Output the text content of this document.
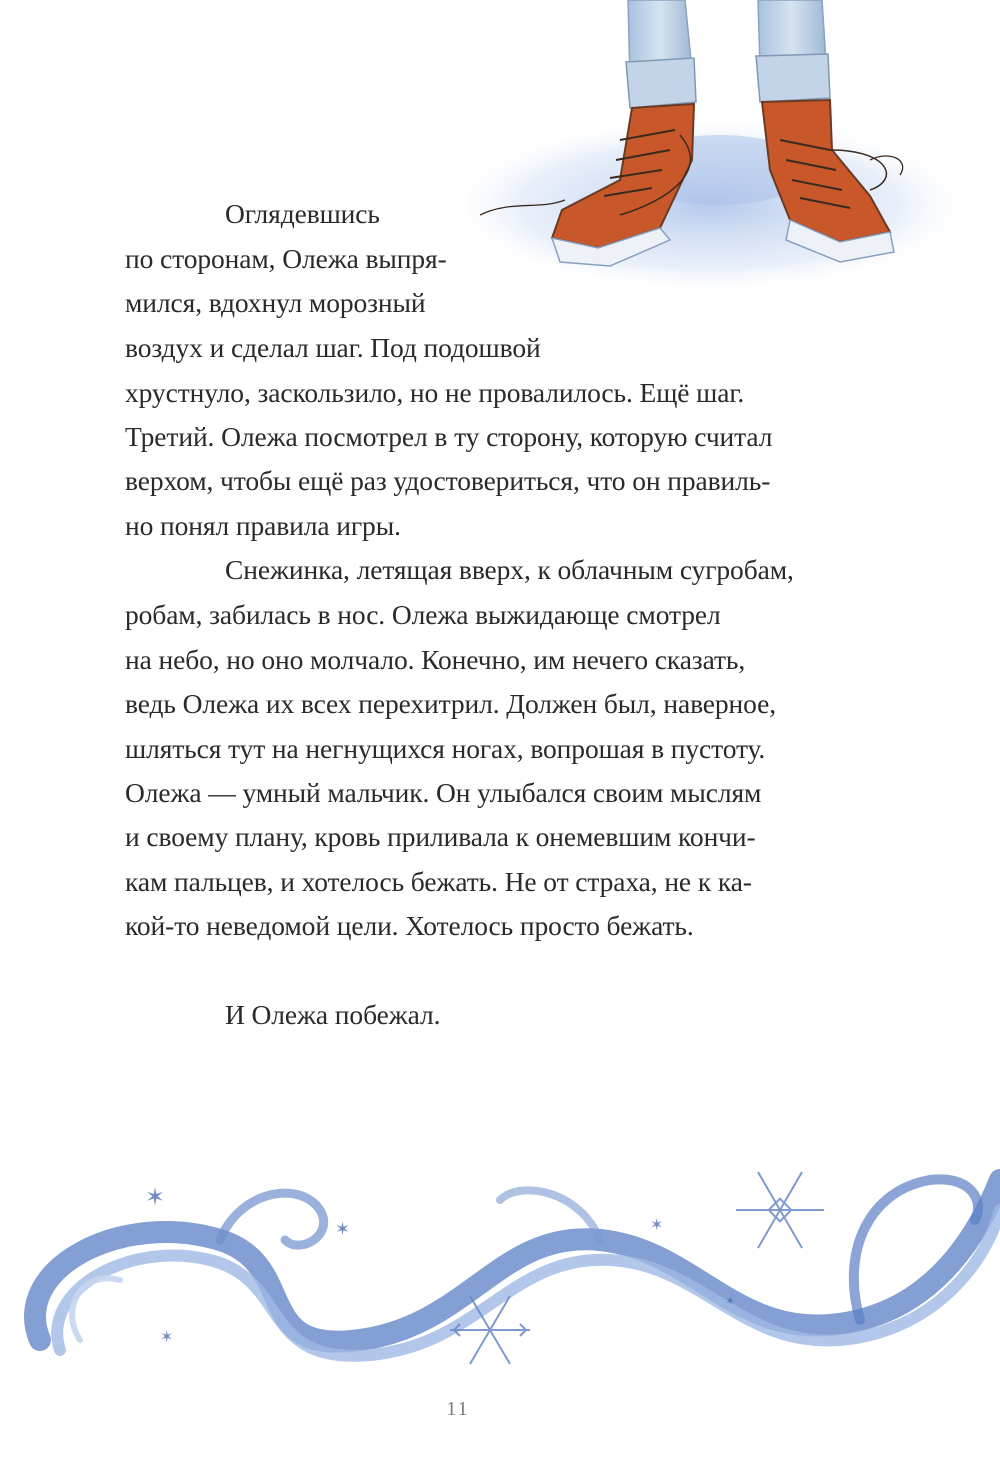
Оглядевшись
по сторонам, Олежа выпря-
мился, вдохнул морозный
воздух и сделал шаг. Под подошвой
хрустнуло, заскользило, но не провалилось. Ещё шаг.
Третий. Олежа посмотрел в ту сторону, которую считал
верхом, чтобы ещё раз удостовериться, что он правиль-
но понял правила игры.
Снежинка, летящая вверх, к облачным сугробам,
робам, забилась в нос. Олежа выжидающе смотрел
на небо, но оно молчало. Конечно, им нечего сказать,
ведь Олежа их всех перехитрил. Должен был, наверное,
шляться тут на негнущихся ногах, вопрошая в пустоту.
Олежа — умный мальчик. Он улыбался своим мыслям
и своему плану, кровь приливала к онемевшим кончи-
кам пальцев, и хотелось бежать. Не от страха, не к ка-
кой-то неведомой цели. Хотелось просто бежать.
И Олежа побежал.
✶
✶	✶
✶
✶
11
